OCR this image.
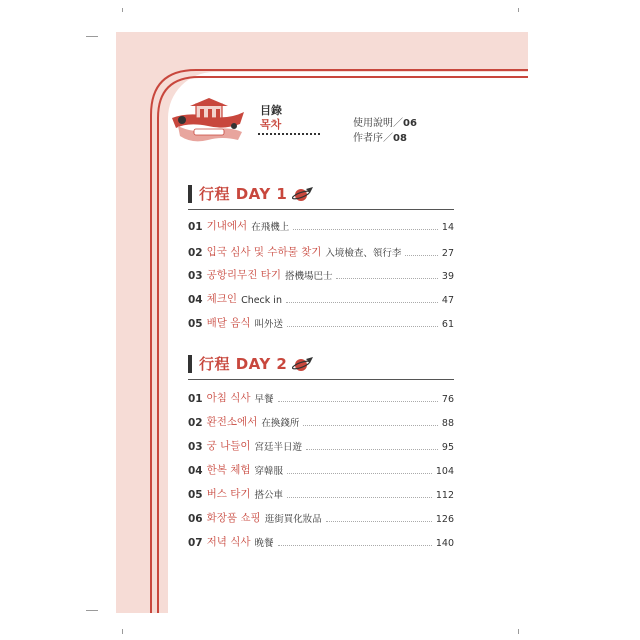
目錄
목차	使用說明／06
作者序／08
行程 DAY 1
01 기내에서 在飛機上	14
02 입국 심사 및 수하물 찾기 入境檢查、領行李	27
03 공항리무진 타기 搭機場巴士	39
04 체크인 Check in	47
05 배달 음식 叫外送	61
行程 DAY 2
01 아침 식사 早餐	76
02 환전소에서 在換錢所	88
03 궁 나들이 宮廷半日遊	95
04 한복 체험 穿韓服	104
05 버스 타기 搭公車	112
06 화장품 쇼핑 逛街買化妝品	126
07 저녁 식사 晚餐	140
